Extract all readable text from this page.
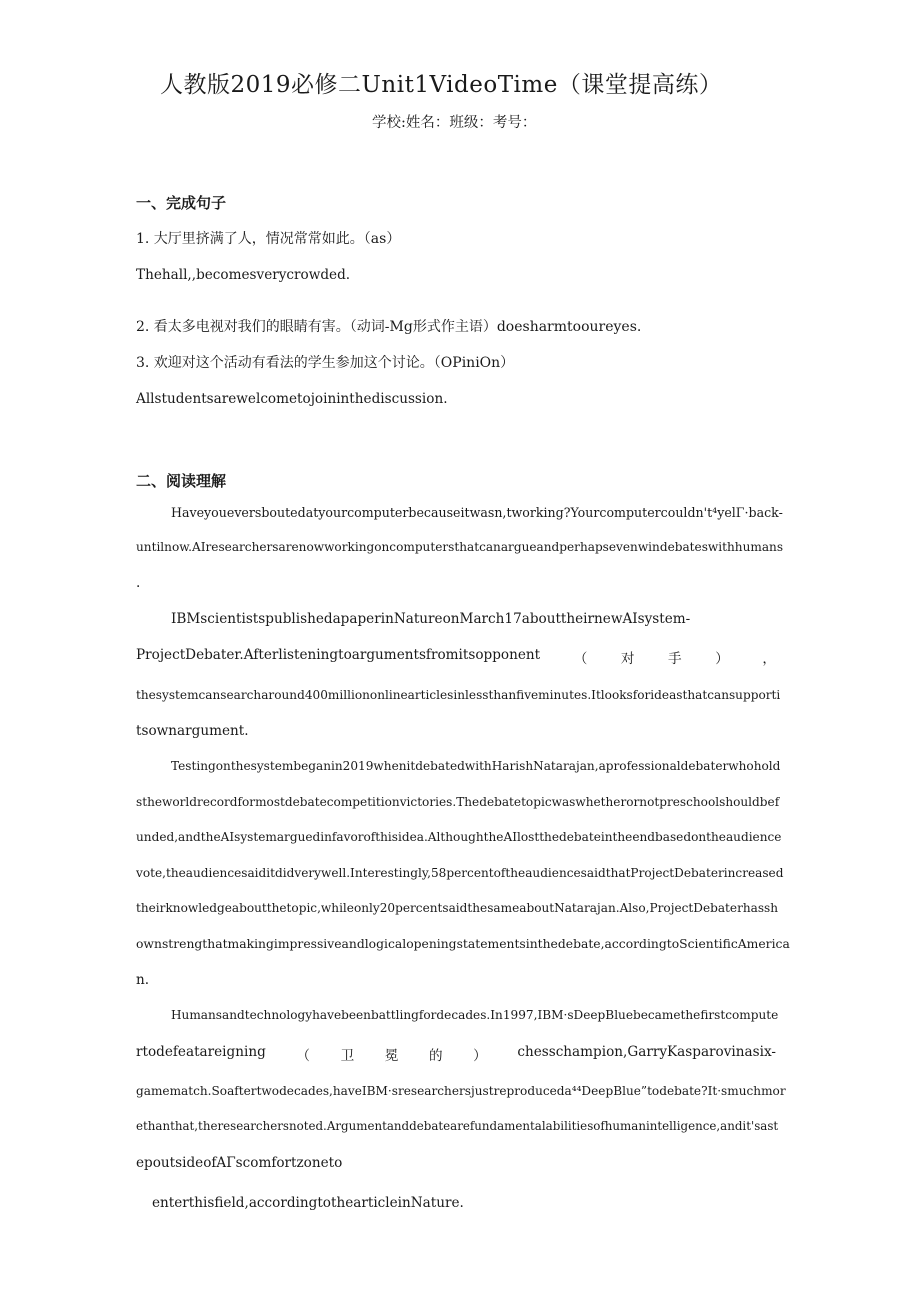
人教版2019必修二Unit1VideoTime（课堂提高练）
学校:姓名：班级：考号：
一、完成句子
1. 大厅里挤满了人，情况常常如此。（as）
Thehall,,becomesverycrowded.
2. 看太多电视对我们的眼睛有害。（动词-Mg形式作主语）doesharmtooureyes.
3. 欢迎对这个活动有看法的学生参加这个讨论。（OPiniOn）
Allstudentsarewelcometojoininthediscussion.
二、阅读理解
Haveyoueversboutedatyourcomputerbecauseitwasn,tworking?Yourcomputercouldn't⁴yelΓ·back-
untilnow.AIresearchersarenowworkingoncomputersthatcanargueandperhapsevenwindebateswithhumans
.
IBMscientistspublishedapaperinNatureonMarch17abouttheirnewAIsystem-
ProjectDebater.Afterlisteningtoargumentsfromitsopponent （ 对 手 ） ，
thesystemcansearcharound400milliononlinearticlesinlessthanfiveminutes.Itlooksforideasthatcansupporti
tsownargument.
Testingonthesystembeganin2019whenitdebatedwithHarishNatarajan,aprofessionaldebaterwhohold
stheworldrecordformostdebatecompetitionvictories.Thedebatetopicwaswhetherornotpreschoolshouldbef
unded,andtheAIsystemarguedinfavorofthisidea.AlthoughtheAIlostthedebateintheendbasedontheaudience
vote,theaudiencesaiditdidverywell.Interestingly,58percentoftheaudiencesaidthatProjectDebaterincreased
theirknowledgeaboutthetopic,whileonly20percentsaidthesameaboutNatarajan.Also,ProjectDebaterhassh
ownstrengthatmakingimpressiveandlogicalopeningstatementsinthedebate,accordingtoScientificAmerica
n.
Humansandtechnologyhavebeenbattlingfordecades.In1997,IBM·sDeepBluebecamethefirstcompute
rtodefeatareigning （ 卫 冕 的 ） chesschampion,GarryKasparovinasix-
gamematch.Soaftertwodecades,haveIBM·sresearchersjustreproduceda⁴⁴DeepBlue”todebate?It·smuchmor
ethanthat,theresearchersnoted.Argumentanddebatearefundamentalabilitiesofhumanintelligence,andit'sast
epoutsideofAΓscomfortzoneto
enterthisfield,accordingtothearticleinNature.
